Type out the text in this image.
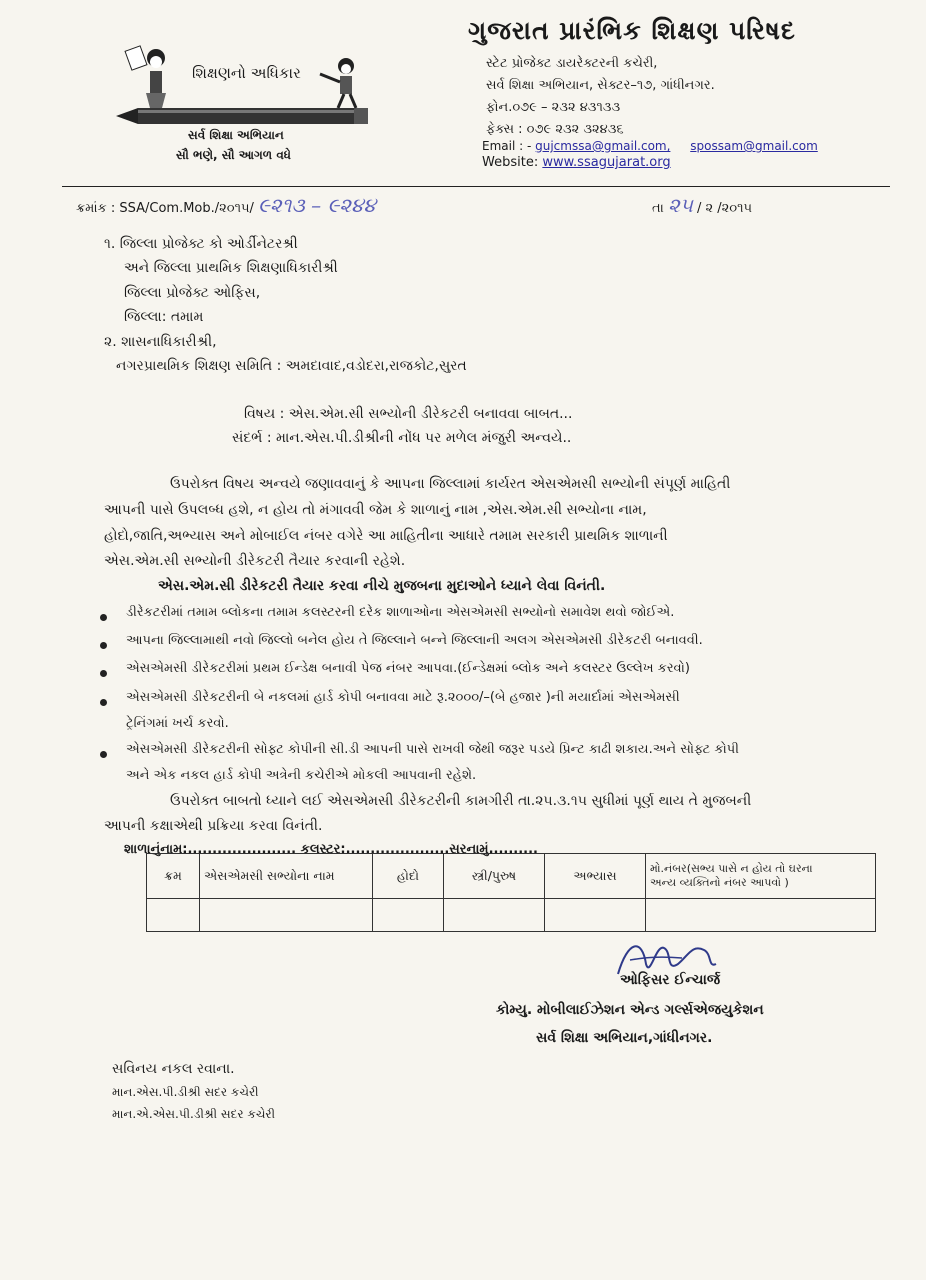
શિક્ષણનો અધિકાર
સર્વ શિક્ષા અભિયાન
સૌ ભણે, સૌ આગળ વધે
ગુજરાત પ્રારંભિક શિક્ષણ પરિષદ
સ્ટેટ પ્રોજેક્ટ ડાયરેક્ટરની કચેરી,
સર્વ શિક્ષા અભિયાન, સેક્ટર–૧૭, ગાંધીનગર.
ફોન.૦૭૯ – ૨૩૨ ૪૩૧૩૩
ફેક્સ : ૦૭૯ ૨૩૨ ૩૨૪૩૬
Email : - gujcmssa@gmail.com, spossam@gmail.com
Website: www.ssagujarat.org
ક્રમાંક : SSA/Com.Mob./૨૦૧૫/ ૯૨૧૩ – ૯૨૪૪	તા ૨૫ / ૨ /૨૦૧૫
૧. જિલ્લા પ્રોજેક્ટ કો ઓર્ડીનેટરશ્રી
અને જિલ્લા પ્રાથમિક શિક્ષણાધિકારીશ્રી
જિલ્લા પ્રોજેક્ટ ઓફિસ,
જિલ્લા: તમામ
૨. શાસનાધિકારીશ્રી,
નગરપ્રાથમિક શિક્ષણ સમિતિ : અમદાવાદ,વડોદરા,રાજકોટ,સુરત
વિષય : એસ.એમ.સી સભ્યોની ડીરેકટરી બનાવવા બાબત...
સંદર્ભ : માન.એસ.પી.ડીશ્રીની નોંધ પર મળેલ મંજુરી અન્વયે..
ઉપરોક્ત વિષય અન્વયે જણાવવાનું કે આપના જિલ્લામાં કાર્યરત એસએમસી સભ્યોની સંપૂર્ણ માહિતી
આપની પાસે ઉપલબ્ધ હશે, ન હોય તો મંગાવવી જેમ કે શાળાનું નામ ,એસ.એમ.સી સભ્યોના નામ,
હોદો,જાતિ,અભ્યાસ અને મોબાઈલ નંબર વગેરે આ માહિતીના આધારે તમામ સરકારી પ્રાથમિક શાળાની
એસ.એમ.સી સભ્યોની ડીરેકટરી તૈયાર કરવાની રહેશે.
એસ.એમ.સી ડીરેકટરી તૈયાર કરવા નીચે મુજબના મુદાઓને ધ્યાને લેવા વિનંતી.
ડીરેકટરીમાં તમામ બ્લોકના તમામ કલસ્ટરની દરેક શાળાઓના એસએમસી સભ્યોનો સમાવેશ થવો જોઈએ.
આપના જિલ્લામાથી નવો જિલ્લો બનેલ હોય તે જિલ્લાને બન્ને જિલ્લાની અલગ એસએમસી ડીરેકટરી બનાવવી.
એસએમસી ડીરેકટરીમાં પ્રથમ ઈન્ડેક્ષ બનાવી પેજ નંબર આપવા.(ઈન્ડેક્ષમાં બ્લોક અને કલસ્ટર ઉલ્લેખ કરવો)
એસએમસી ડીરેકટરીની બે નકલમાં હાર્ડ કોપી બનાવવા માટે રૂ.૨૦૦૦/–(બે હજાર )ની મયાર્દામાં એસએમસી
ટ્રેનિંગમાં ખર્ચ કરવો.
એસએમસી ડીરેકટરીની સોફ્ટ કોપીની સી.ડી આપની પાસે રાખવી જેથી જરૂર પડયે પ્રિન્ટ કાઢી શકાય.અને સોફ્ટ કોપી
અને એક નકલ હાર્ડ કોપી અત્રેની કચેરીએ મોકલી આપવાની રહેશે.
ઉપરોક્ત બાબતો ધ્યાને લઈ એસએમસી ડીરેકટરીની કામગીરી તા.૨૫.૩.૧૫ સુધીમાં પૂર્ણ થાય તે મુજબની
આપની કક્ષાએથી પ્રક્રિયા કરવા વિનંતી.
શાળાનુંનામ:...................... કલસ્ટર:.....................સરનામું..........
ક્રમ	એસએમસી સભ્યોના નામ	હોદો	સ્ત્રી/પુરુષ	અભ્યાસ	મો.નંબર(સભ્ય પાસે ન હોય તો ઘરના
અન્ય વ્યક્તિનો નંબર આપવો )

ઓફિસર ઈન્ચાર્જ
કોમ્યુ. મોબીલાઈઝેશન એન્ડ ગર્લ્સએજયુકેશન
સર્વ શિક્ષા અભિયાન,ગાંધીનગર.
સવિનય નકલ રવાના.
માન.એસ.પી.ડીશ્રી સદર કચેરી
માન.એ.એસ.પી.ડીશ્રી સદર કચેરી
